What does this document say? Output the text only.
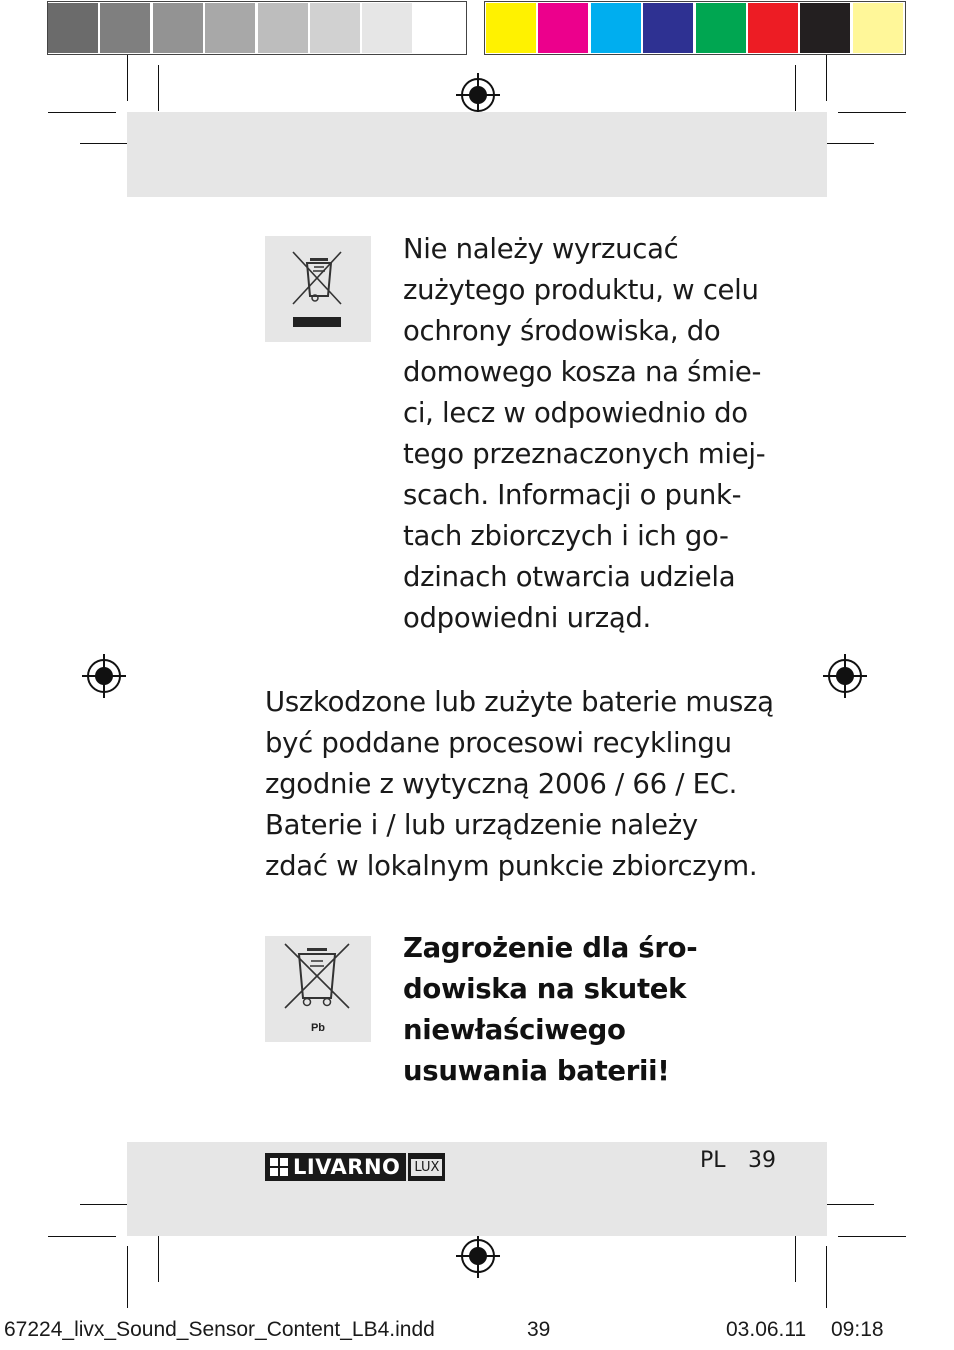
Nie należy wyrzucać
zużytego produktu, w celu
ochrony środowiska, do
domowego kosza na śmie-
ci, lecz w odpowiednio do
tego przeznaczonych miej-
scach. Informacji o punk-
tach zbiorczych i ich go-
dzinach otwarcia udziela
odpowiedni urząd.

Uszkodzone lub zużyte baterie muszą
być poddane procesowi recyklingu
zgodnie z wytyczną 2006 / 66 / EC.
Baterie i / lub urządzenie należy
zdać w lokalnym punkcie zbiorczym.

Pb
Zagrożenie dla śro-
dowiska na skutek
niewłaściwego
usuwania baterii!
LIVARNO LUX	PL 39
67224_livx_Sound_Sensor_Content_LB4.indd	39	03.06.11 09:18
